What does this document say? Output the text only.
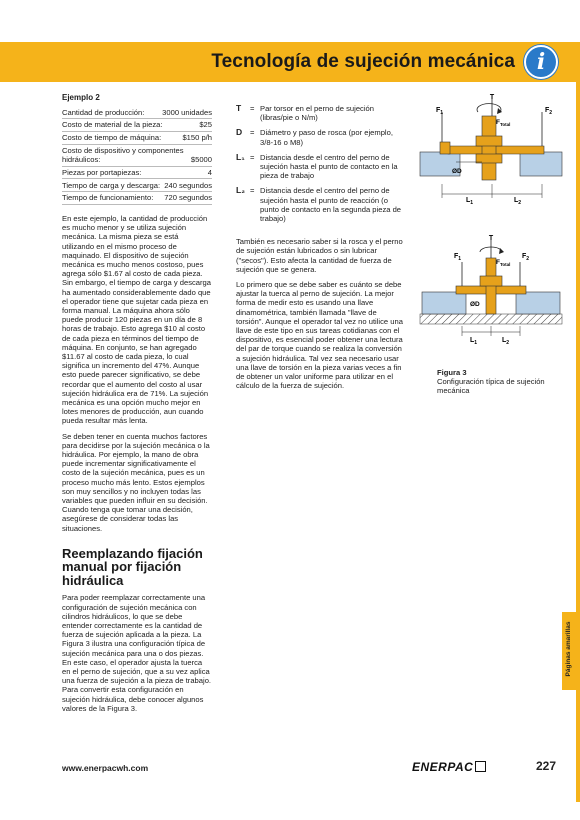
Tecnología de sujeción mecánica i
Páginas amarillas
Ejemplo 2
Cantidad de producción:	3000 unidades
Costo de material de la pieza:	$25
Costo de tiempo de máquina:	$150 p/h
Costo de dispositivo y componentes hidráulicos:	$5000
Piezas por portapiezas:	4
Tiempo de carga y descarga: 240 segundos
Tiempo de funcionamiento:	720 segundos

En este ejemplo, la cantidad de producción es mucho menor y se utiliza sujeción mecánica. La misma pieza se está utilizando en el mismo proceso de maquinado. El dispositivo de sujeción mecánica es mucho menos costoso, pues agrega sólo $1.67 al costo de cada pieza. Sin embargo, el tiempo de carga y descarga ha aumentado considerablemente dado que el operador tiene que sujetar cada pieza en forma manual. La máquina ahora sólo puede producir 120 piezas en un día de 8 horas de trabajo. Esto agrega $10 al costo de cada pieza en términos del tiempo de máquina. En conjunto, se han agregado $11.67 al costo de cada pieza, lo cual significa un incremento del 47%. Aunque esto puede parecer significativo, se debe recordar que el aumento del costo al usar sujeción hidráulica era de 71%. La sujeción mecánica es una opción mucho mejor en lotes menores de producción, aun cuando pueda resultar más lenta.

Se deben tener en cuenta muchos factores para decidirse por la sujeción mecánica o la hidráulica. Por ejemplo, la mano de obra puede incrementar significativamente el costo de la sujeción mecánica, pues es un proceso mucho más lento. Estos ejemplos son muy sencillos y no incluyen todas las variables que pueden influir en su decisión. Cuando tenga que tomar una decisión, asegúrese de considerar todas las situaciones.

Reemplazando fijación manual por fijación hidráulica

Para poder reemplazar correctamente una configuración de sujeción mecánica con cilindros hidráulicos, lo que se debe entender correctamente es la cantidad de fuerza de sujeción aplicada a la pieza. La Figura 3 ilustra una configuración típica de sujeción mecánica para una o dos piezas. En este caso, el operador ajusta la tuerca en el perno de sujeción, que a su vez aplica una fuerza de sujeción a la pieza de trabajo. Para convertir esta configuración en sujeción hidráulica, debe conocer algunos valores de la Figura 3.

T	= Par torsor en el perno de sujeción (libras/pie o N/m)
D	= Diámetro y paso de rosca (por ejemplo, 3/8-16 o M8)
L₁ = Distancia desde el centro del perno de sujeción hasta el punto de contacto en la pieza de trabajo
L₂ = Distancia desde el centro del perno de sujeción hasta el punto de reacción (o punto de contacto en la segunda pieza de trabajo)

También es necesario saber si la rosca y el perno de sujeción están lubricados o sin lubricar ("secos"). Esto afecta la cantidad de fuerza de sujeción que se genera.

Lo primero que se debe saber es cuánto se debe ajustar la tuerca al perno de sujeción. La mejor forma de medir esto es usando una llave dinamométrica, también llamada "llave de torsión". Aunque el operador tal vez no utilice una llave de este tipo en sus tareas cotidianas con el dispositivo, es esencial poder obtener una lectura del par de torque cuando se realiza la conversión a sujeción hidráulica. Tal vez sea necesario usar una llave de torsión en la pieza varias veces a fin de obtener un valor uniforme para utilizar en el cálculo de la fuerza de sujeción.

T
$F_1$	$F_2$
$F_{Total}$
ØD
$L_1$	$L_2$
T
$F_1$	$F_2$
$F_{Total}$
ØD
$L_1$	$L_2$
Figura 3
Configuración típica de sujeción mecánica
www.enerpacwh.com	ENERPAC	227
